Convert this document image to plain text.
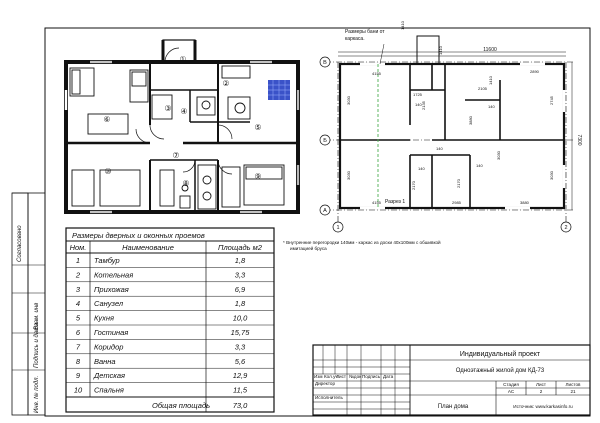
Согласовано
Взам. инв
Подпись и дата
Инв. № подл.
①
②
③ ④
⑤
⑥
⑦
⑧
⑨
⑩
В
Б
А
1	2
Размеры бани от
каркаса.
11600
7300
Разрез 1
4155	2890
3030
1725
2105
1410
2745
2170
3030
2135
1410
4155	2985
2170
3880
3880
3030
3030
1410
140
140
140
140
140
* Внутренние перегородки 140мм - каркас из доски 40х100мм с обшивкой
имитацией бруса
Размеры дверных и оконных проемов
Ном.	Наименование	Площадь м2
1 Тамбур	1,8
2 Котельная	3,3
3 Прихожая	6,9
4 Санузел	1,8
5 Кухня	10,0
6 Гостиная	15,75
7 Коридор	3,3
8 Ванна	5,6
9 Детская	12,9
10 Спальня	11,5
Общая площадь	73,0
Изм Кол.уч
Лист №док Подпись Дата
Директор
Исполнитель
Стадия	Лист	Листов
АС	2	21
Источник: www.karkasinfo.ru
Индивидуальный проект
Одноэтажный жилой дом КД-73
План дома
